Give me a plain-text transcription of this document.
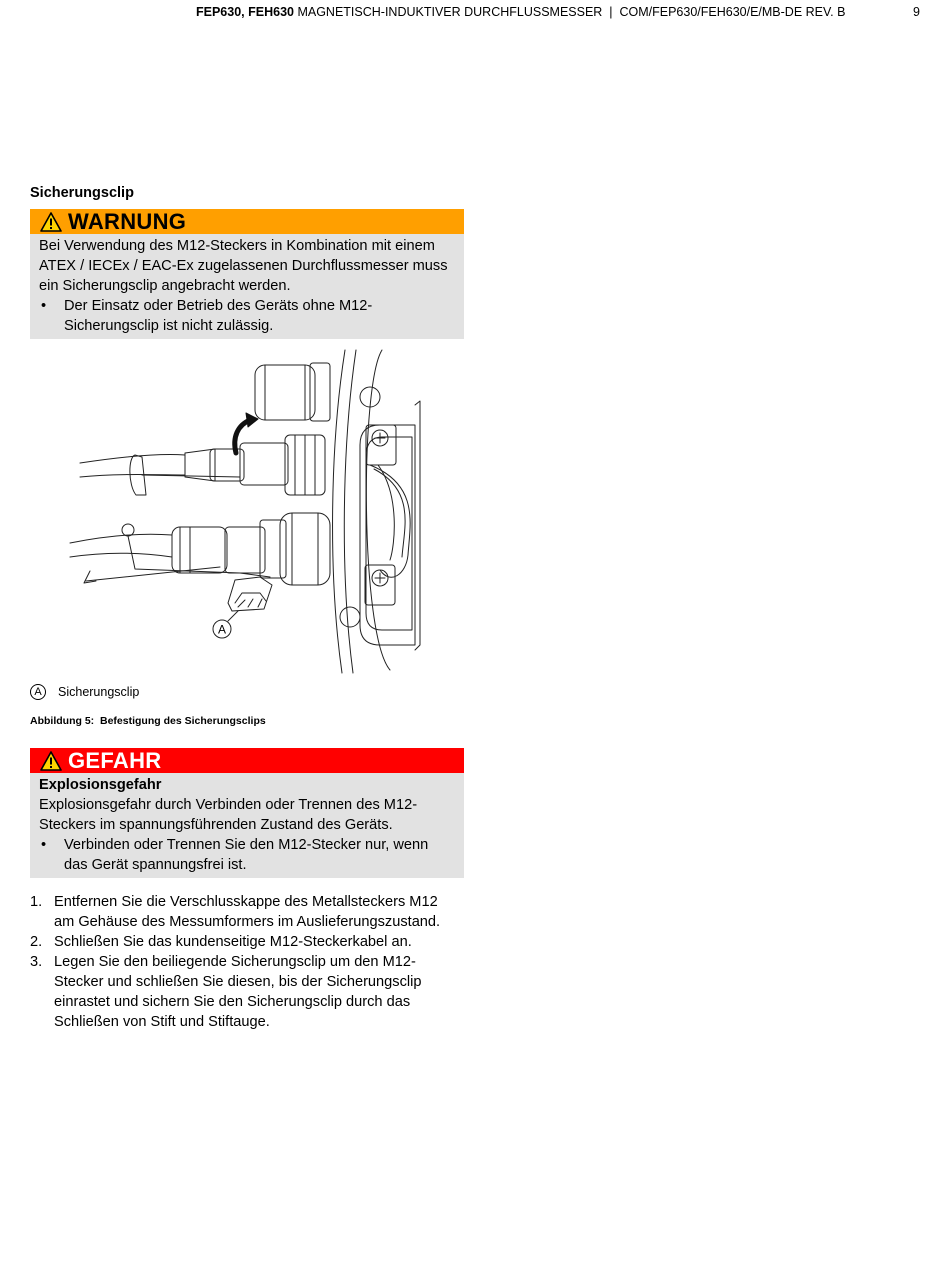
FEP630, FEH630 MAGNETISCH-INDUKTIVER DURCHFLUSSMESSER  |  COM/FEP630/FEH630/E/MB-DE REV. B	9
Sicherungsclip
WARNUNG

Bei Verwendung des M12-Steckers in Kombination mit einem ATEX / IECEx / EAC-Ex zugelassenen Durchflussmesser muss ein Sicherungsclip angebracht werden.

•	Der Einsatz oder Betrieb des Geräts ohne M12-Sicherungsclip ist nicht zulässig.
A
A	Sicherungsclip
Abbildung 5: Befestigung des Sicherungsclips
GEFAHR

Explosionsgefahr

Explosionsgefahr durch Verbinden oder Trennen des M12-Steckers im spannungsführenden Zustand des Geräts.

•	Verbinden oder Trennen Sie den M12-Stecker nur, wenn das Gerät spannungsfrei ist.
1. Entfernen Sie die Verschlusskappe des Metallsteckers M12 am Gehäuse des Messumformers im Auslieferungszustand.
2. Schließen Sie das kundenseitige M12-Steckerkabel an.
3. Legen Sie den beiliegende Sicherungsclip um den M12-Stecker und schließen Sie diesen, bis der Sicherungsclip einrastet und sichern Sie den Sicherungsclip durch das Schließen von Stift und Stiftauge.
